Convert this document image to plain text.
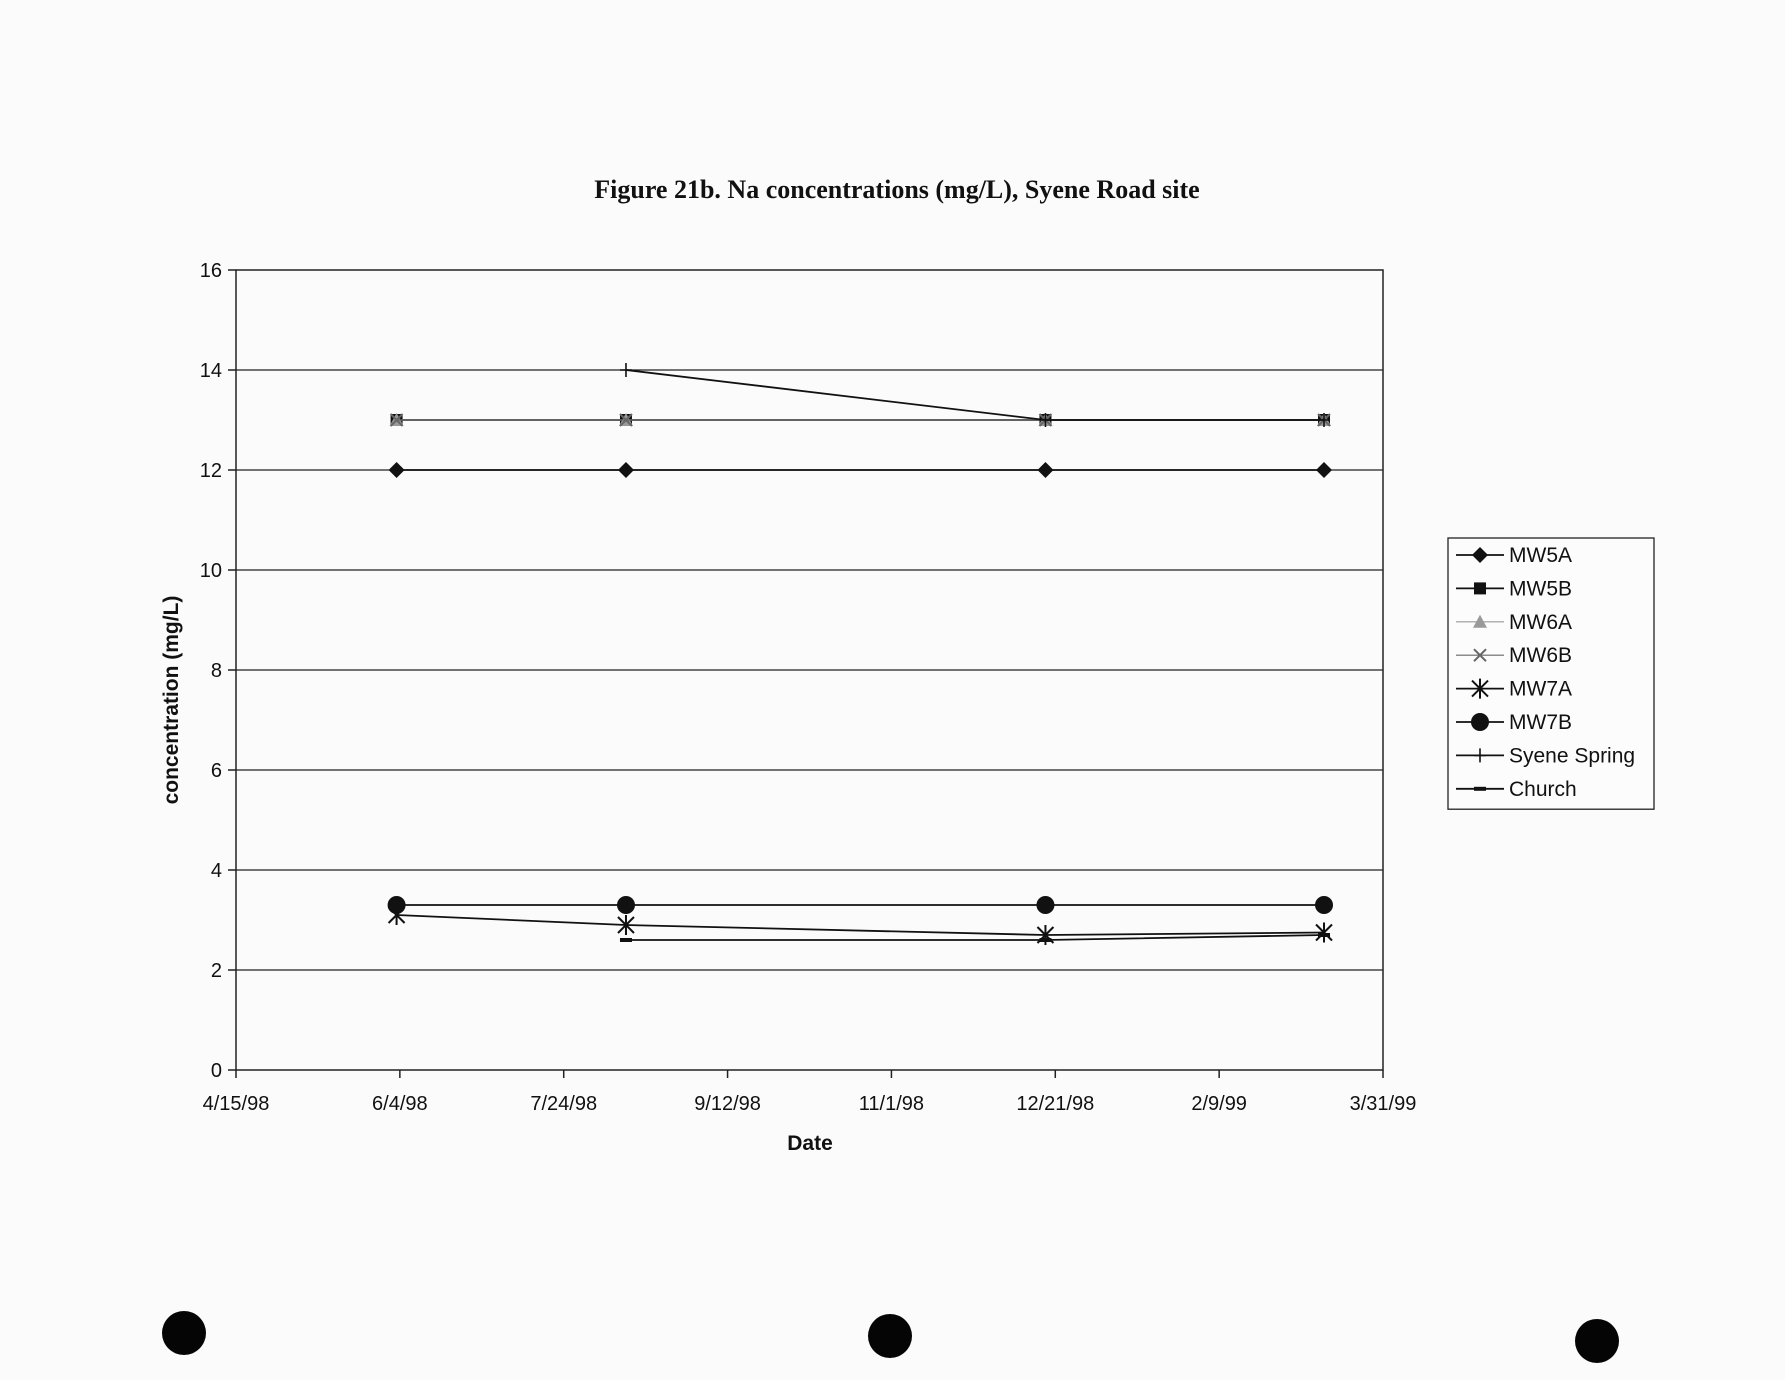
Figure 21b. Na concentrations (mg/L), Syene Road site
0
2
4
6
8
10
12
14
16
4/15/98	6/4/98	7/24/98	9/12/98	11/1/98	12/21/98	2/9/99	3/31/99
Date
concentration (mg/L)
MW5A
MW5B
MW6A
MW6B
MW7A
MW7B
Syene Spring
Church
